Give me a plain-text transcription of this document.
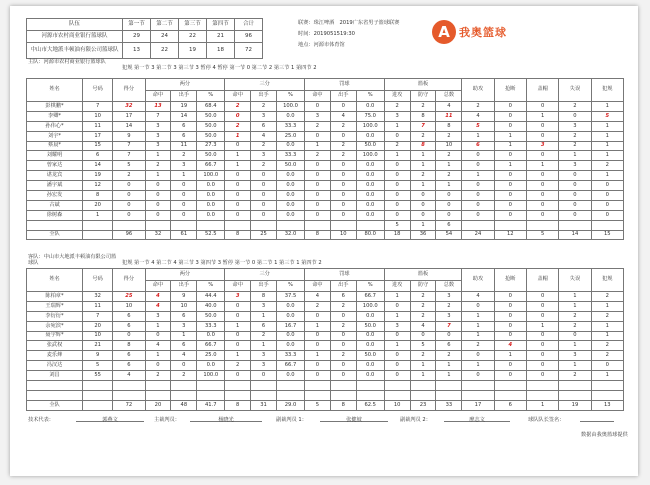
队伍	第一节	第二节	第三节	第四节	合计
河源市农村商业银行篮球队	29	24	22	21	96
中山市大地派丰顿油有限公司篮球队	13	22	19	18	72
联赛：珠江啤酒　2019广东省男子篮球联赛
时间：2019051519:30
地点：河源市体育馆
A 我奥篮球
主队：河源市农村商业银行篮球队
犯规 第一节 3 第二节 3 第三节 3 暂停 4 暂停 第一节 0 第二节 2 第三节 1 第四节 2
姓名	号码	得分	两分			三分			罚球			篮板			助攻	抢断	盖帽	失误	犯规
			命中	出手	%	命中	出手	%	命中	出手	%	进攻	防守	总数					
彭棋鹏*	7	32	13	19	68.4	2	2	100.0	0	0	0.0	2	2	4	2	0	0	2	1
李卿*	10	17	7	14	50.0	0	3	0.0	3	4	75.0	3	8	11	4	0	1	0	5
孙伟心*	11	14	3	6	50.0	2	6	33.3	2	2	100.0	1	7	8	5	0	0	3	1
刘宇*	17	9	3	6	50.0	1	4	25.0	0	0	0.0	0	2	2	1	1	0	2	1
蔡晨*	15	7	3	11	27.3	0	2	0.0	1	2	50.0	2	8	10	6	1	3	2	1
刘耀明	6	7	1	2	50.0	1	3	33.3	2	2	100.0	1	1	2	0	0	0	1	1
曾家达	14	5	2	3	66.7	1	2	50.0	0	0	0.0	0	1	1	0	1	1	3	2
谌龙宾	19	2	1	1	100.0	0	0	0.0	0	0	0.0	0	2	2	1	0	0	0	1
潘宇斌	12	0	0	0	0.0	0	0	0.0	0	0	0.0	0	1	1	0	0	0	0	0
孙宏发	8	0	0	0	0.0	0	0	0.0	0	0	0.0	0	0	0	0	0	0	0	0
古斌	20	0	0	0	0.0	0	0	0.0	0	0	0.0	0	0	0	0	0	0	0	0
徐树森	1	0	0	0	0.0	0	0	0.0	0	0	0.0	0	0	0	0	0	0	0	0
												5	1	6					
全队		96	32	61	52.5	8	25	32.0	8	10	80.0	18	36	54	24	12	5	14	15
客队：中山市大地派丰顿油有限公司篮球队	犯规 第一节 4 第二节 4 第三节 3 第四节 3 暂停 第一节 0 第二节 1 第三节 1 第四节 2
姓名	号码	得分	两分			三分			罚球			篮板			助攻	抢断	盖帽	失误	犯规
			命中	出手	%	命中	出手	%	命中	出手	%	进攻	防守	总数					
陈柏章*	32	25	4	9	44.4	3	8	37.5	4	6	66.7	1	2	3	4	0	0	1	2
王瑞辉*	11	10	4	10	40.0	0	3	0.0	2	2	100.0	0	2	2	0	0	0	1	1
李衍衍*	7	6	3	6	50.0	0	1	0.0	0	0	0.0	1	2	3	1	0	0	2	2
余宛滨*	20	6	1	3	33.3	1	6	16.7	1	2	50.0	3	4	7	1	0	1	2	1
聂宇辉*	10	0	0	1	0.0	0	2	0.0	0	0	0.0	0	0	0	1	0	0	0	1
张武权	21	8	4	6	66.7	0	1	0.0	0	0	0.0	1	5	6	2	4	0	1	2
麦乐烽	9	6	1	4	25.0	1	3	33.3	1	2	50.0	0	2	2	0	1	0	3	2
冯汉达	5	6	0	0	0.0	2	3	66.7	0	0	0.0	0	1	1	1	0	0	1	0
刘昌	55	4	2	2	100.0	0	0	0.0	0	0	0.0	0	1	1	0	0	0	2	1

全队		72	20	48	41.7	8	31	29.0	5	8	62.5	10	23	33	17	6	1	19	13
技术代表：	郭燕文	主裁判员：	杨晓光	副裁判员 1：	张健坡	副裁判员 2：	廖志文	球队队长签名：
数据由我奥篮球提供
